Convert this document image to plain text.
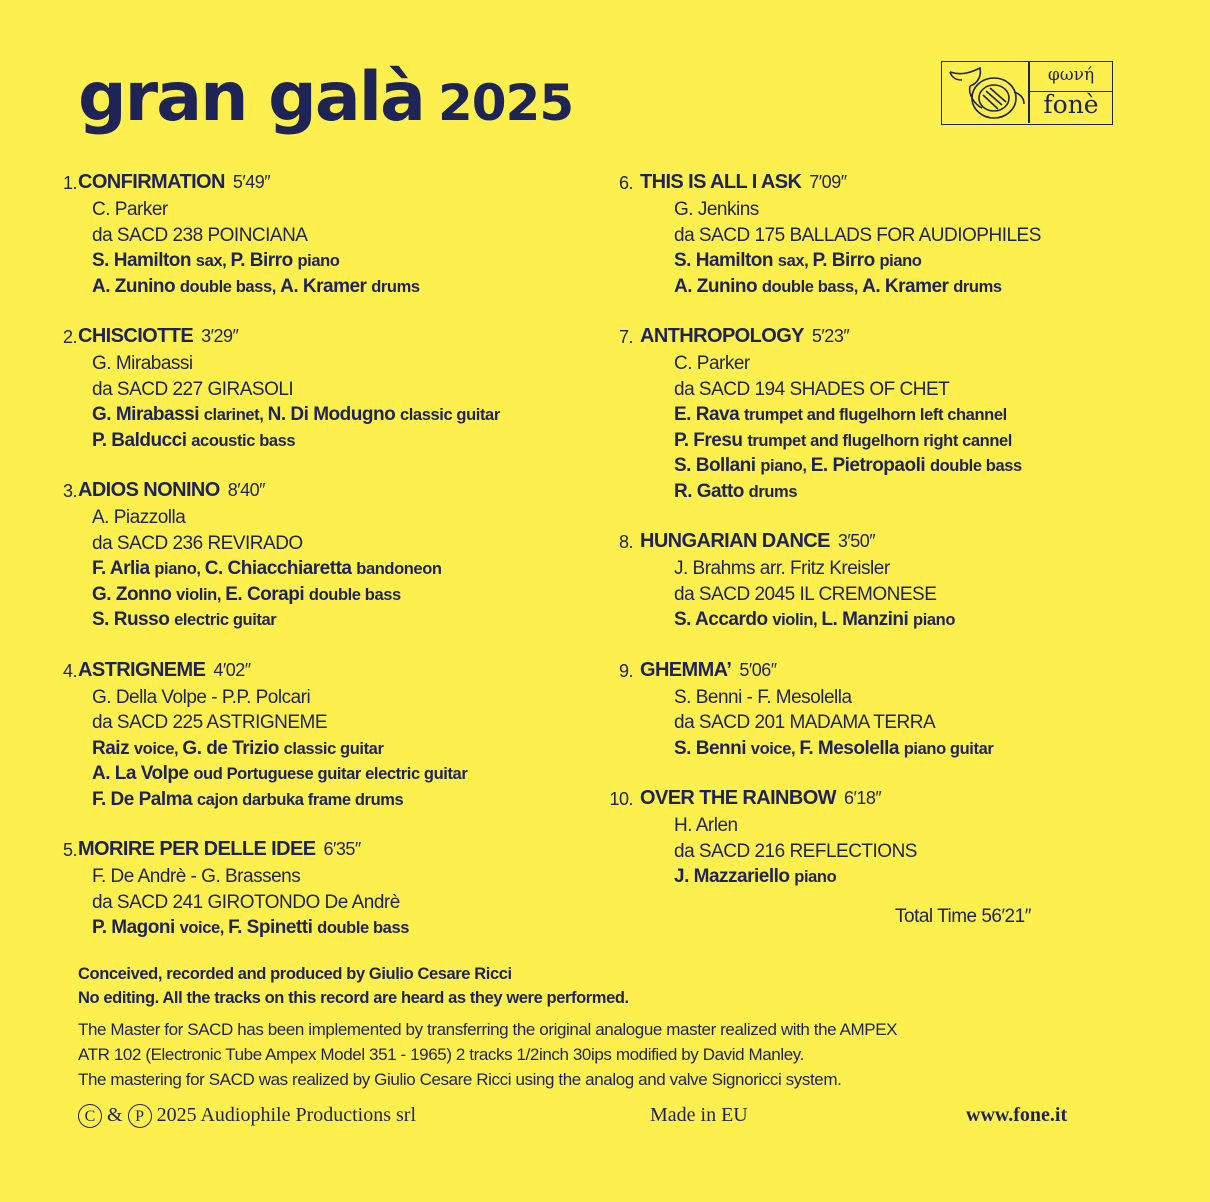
gran galà 2025	φωνή
fonè
1. CONFIRMATION 5′49″
C. Parker
da SACD 238 POINCIANA
S. Hamilton sax, P. Birro piano
A. Zunino double bass, A. Kramer drums
2. CHISCIOTTE 3′29″
G. Mirabassi
da SACD 227 GIRASOLI
G. Mirabassi clarinet, N. Di Modugno classic guitar
P. Balducci acoustic bass
3. ADIOS NONINO 8′40″
A. Piazzolla
da SACD 236 REVIRADO
F. Arlia piano, C. Chiacchiaretta bandoneon
G. Zonno violin, E. Corapi double bass
S. Russo electric guitar
4. ASTRIGNEME 4′02″
G. Della Volpe - P.P. Polcari
da SACD 225 ASTRIGNEME
Raiz voice, G. de Trizio classic guitar
A. La Volpe oud Portuguese guitar electric guitar
F. De Palma cajon darbuka frame drums
5. MORIRE PER DELLE IDEE 6′35″
F. De Andrè - G. Brassens
da SACD 241 GIROTONDO De Andrè
P. Magoni voice, F. Spinetti double bass
6. THIS IS ALL I ASK 7′09″
G. Jenkins
da SACD 175 BALLADS FOR AUDIOPHILES
S. Hamilton sax, P. Birro piano
A. Zunino double bass, A. Kramer drums
7. ANTHROPOLOGY 5′23″
C. Parker
da SACD 194 SHADES OF CHET
E. Rava trumpet and flugelhorn left channel
P. Fresu trumpet and flugelhorn right cannel
S. Bollani piano, E. Pietropaoli double bass
R. Gatto drums
8. HUNGARIAN DANCE 3′50″
J. Brahms arr. Fritz Kreisler
da SACD 2045 IL CREMONESE
S. Accardo violin, L. Manzini piano
9. GHEMMA’ 5′06″
S. Benni - F. Mesolella
da SACD 201 MADAMA TERRA
S. Benni voice, F. Mesolella piano guitar
10. OVER THE RAINBOW 6′18″
H. Arlen
da SACD 216 REFLECTIONS
J. Mazzariello piano
Total Time 56′21″
Conceived, recorded and produced by Giulio Cesare Ricci
No editing. All the tracks on this record are heard as they were performed.
The Master for SACD has been implemented by transferring the original analogue master realized with the AMPEX
ATR 102 (Electronic Tube Ampex Model 351 - 1965) 2 tracks 1/2inch 30ips modified by David Manley.
The mastering for SACD was realized by Giulio Cesare Ricci using the analog and valve Signoricci system.
C & P 2025 Audiophile Productions srl	Made in EU	www.fone.it
